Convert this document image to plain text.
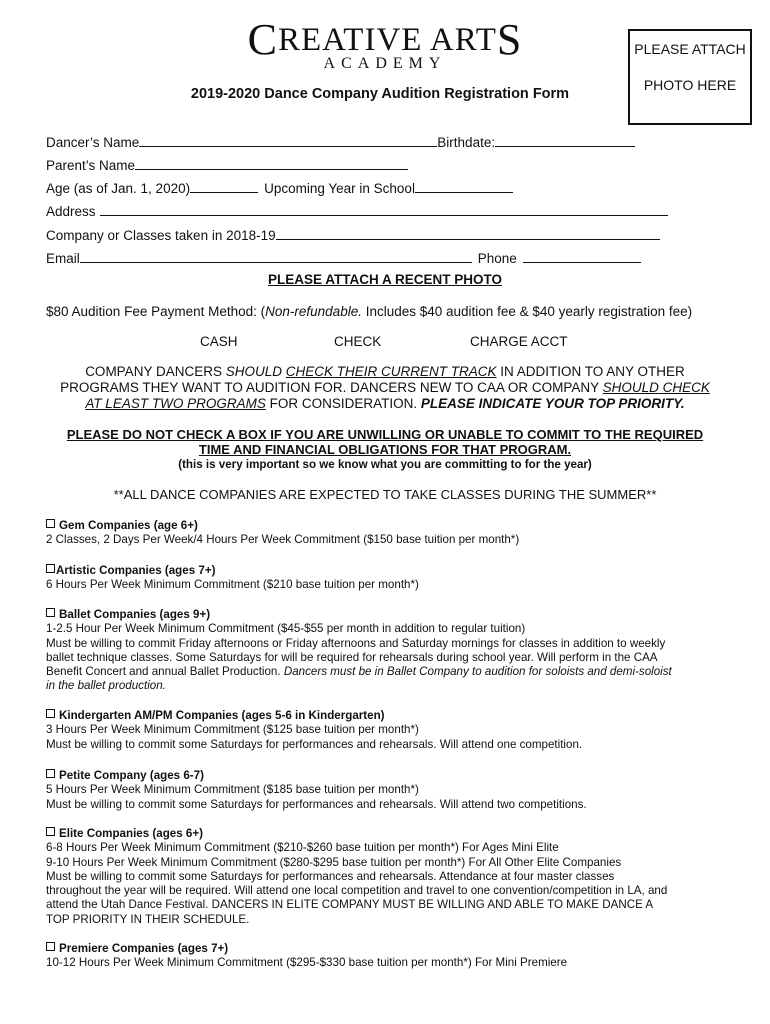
CREATIVE ARTS
ACADEMY
PLEASE ATTACH
PHOTO HERE
2019-2020 Dance Company Audition Registration Form
Dancer’s Name	Birthdate:
Parent’s Name
Age (as of Jan. 1, 2020)	Upcoming Year in School
Address
Company or Classes taken in 2018-19
Email	Phone
PLEASE ATTACH A RECENT PHOTO
$80 Audition Fee Payment Method: (Non-refundable. Includes $40 audition fee & $40 yearly registration fee)
CASH	CHECK	CHARGE ACCT
COMPANY DANCERS SHOULD CHECK THEIR CURRENT TRACK IN ADDITION TO ANY OTHER
PROGRAMS THEY WANT TO AUDITION FOR. DANCERS NEW TO CAA OR COMPANY SHOULD CHECK
AT LEAST TWO PROGRAMS FOR CONSIDERATION. PLEASE INDICATE YOUR TOP PRIORITY.
PLEASE DO NOT CHECK A BOX IF YOU ARE UNWILLING OR UNABLE TO COMMIT TO THE REQUIRED
TIME AND FINANCIAL OBLIGATIONS FOR THAT PROGRAM.
(this is very important so we know what you are committing to for the year)
**ALL DANCE COMPANIES ARE EXPECTED TO TAKE CLASSES DURING THE SUMMER**
Gem Companies (age 6+)
2 Classes, 2 Days Per Week/4 Hours Per Week Commitment ($150 base tuition per month*)
Artistic Companies (ages 7+)
6 Hours Per Week Minimum Commitment ($210 base tuition per month*)
Ballet Companies (ages 9+)
1-2.5 Hour Per Week Minimum Commitment ($45-$55 per month in addition to regular tuition)
Must be willing to commit Friday afternoons or Friday afternoons and Saturday mornings for classes in addition to weekly
ballet technique classes. Some Saturdays for will be required for rehearsals during school year. Will perform in the CAA
Benefit Concert and annual Ballet Production. Dancers must be in Ballet Company to audition for soloists and demi-soloist
in the ballet production.
Kindergarten AM/PM Companies (ages 5-6 in Kindergarten)
3 Hours Per Week Minimum Commitment ($125 base tuition per month*)
Must be willing to commit some Saturdays for performances and rehearsals. Will attend one competition.
Petite Company (ages 6-7)
5 Hours Per Week Minimum Commitment ($185 base tuition per month*)
Must be willing to commit some Saturdays for performances and rehearsals. Will attend two competitions.
Elite Companies (ages 6+)
6-8 Hours Per Week Minimum Commitment ($210-$260 base tuition per month*) For Ages Mini Elite
9-10 Hours Per Week Minimum Commitment ($280-$295 base tuition per month*) For All Other Elite Companies
Must be willing to commit some Saturdays for performances and rehearsals. Attendance at four master classes
throughout the year will be required. Will attend one local competition and travel to one convention/competition in LA, and
attend the Utah Dance Festival. DANCERS IN ELITE COMPANY MUST BE WILLING AND ABLE TO MAKE DANCE A
TOP PRIORITY IN THEIR SCHEDULE.
Premiere Companies (ages 7+)
10-12 Hours Per Week Minimum Commitment ($295-$330 base tuition per month*) For Mini Premiere
